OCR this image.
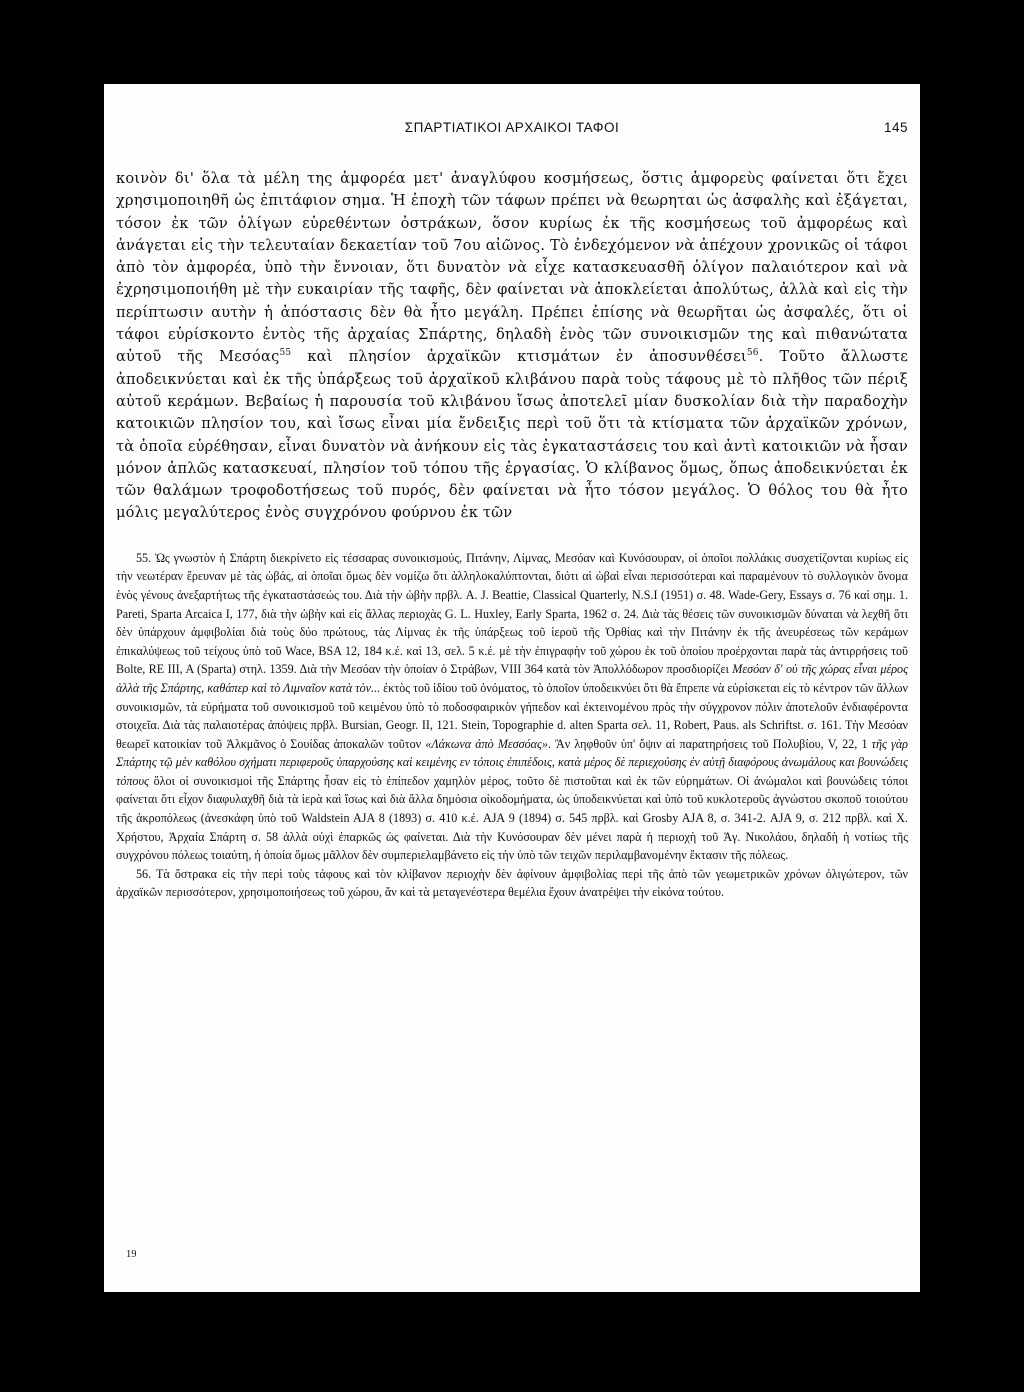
ΣΠΑΡΤΙΑΤΙΚΟΙ ΑΡΧΑΙΚΟΙ ΤΑΦΟΙ	145

κοινὸν δι' ὅλα τὰ μέλη της ἀμφορέα μετ' ἀναγλύφου κοσμήσεως, ὅστις ἀμφορεὺς φαίνεται ὅτι ἔχει χρησιμοποιηθῆ ὡς ἐπιτάφιον σημα. Ἡ ἐποχὴ τῶν τάφων πρέπει νὰ θεωρηται ὡς ἀσφαλὴς καὶ ἐξάγεται, τόσον ἐκ τῶν ὀλίγων εὑρεθέντων ὀστράκων, ὅσον κυρίως ἐκ τῆς κοσμήσεως τοῦ ἀμφορέως καὶ ἀνάγεται εἰς τὴν τελευταίαν δεκαετίαν τοῦ 7ου αἰῶνος. Τὸ ἐνδεχόμενον νὰ ἀπέχουν χρονικῶς οἱ τάφοι ἀπὸ τὸν ἀμφορέα, ὑπὸ τὴν ἔννοιαν, ὅτι δυνατὸν νὰ εἶχε κατασκευασθῆ ὀλίγον παλαιότερον καὶ νὰ ἐχρησιμοποιήθη μὲ τὴν ευκαιρίαν τῆς ταφῆς, δὲν φαίνεται νὰ ἀποκλείεται ἀπολύτως, ἀλλὰ καὶ εἰς τὴν περίπτωσιν αυτὴν ἡ ἀπόστασις δὲν θὰ ἦτο μεγάλη. Πρέπει ἐπίσης νὰ θεωρῆται ὡς ἀσφαλές, ὅτι οἱ τάφοι εὑρίσκοντο ἐντὸς τῆς ἀρχαίας Σπάρτης, δηλαδὴ ἑνὸς τῶν συνοικισμῶν της καὶ πιθανώτατα αὐτοῦ τῆς Μεσόας$^{55}$ καὶ πλησίον ἀρχαϊκῶν κτισμάτων ἐν ἀποσυνθέσει$^{56}$. Τοῦτο ἄλλωστε ἀποδεικνύεται καὶ ἐκ τῆς ὑπάρξεως τοῦ ἀρχαϊκοῦ κλιβάνου παρὰ τοὺς τάφους μὲ τὸ πλῆθος τῶν πέριξ αὐτοῦ κεράμων. Βεβαίως ἡ παρουσία τοῦ κλιβάνου ἴσως ἀποτελεῖ μίαν δυσκολίαν διὰ τὴν παραδοχὴν κατοικιῶν πλησίον του, καὶ ἴσως εἶναι μία ἔνδειξις περὶ τοῦ ὅτι τὰ κτίσματα τῶν ἀρχαϊκῶν χρόνων, τὰ ὁποῖα εὑρέθησαν, εἶναι δυνατὸν νὰ ἀνήκουν εἰς τὰς ἐγκαταστάσεις του καὶ ἀντὶ κατοικιῶν νὰ ἦσαν μόνον ἁπλῶς κατασκευαί, πλησίον τοῦ τόπου τῆς ἐργασίας. Ὁ κλίβανος ὅμως, ὅπως ἀποδεικνύεται ἐκ τῶν θαλάμων τροφοδοτήσεως τοῦ πυρός, δὲν φαίνεται νὰ ἦτο τόσον μεγάλος. Ὁ θόλος του θὰ ἦτο μόλις μεγαλύτερος ἑνὸς συγχρόνου φούρνου ἐκ τῶν

55. Ὡς γνωστὸν ἡ Σπάρτη διεκρίνετο εἰς τέσσαρας συνοικισμούς, Πιτάνην, Λίμνας, Μεσόαν καὶ Κυνόσουραν, οἱ ὁποῖοι πολλάκις συσχετίζονται κυρίως εἰς τὴν νεωτέραν ἔρευναν μὲ τὰς ὠβάς, αἱ ὁποῖαι ὅμως δὲν νομίζω ὅτι ἀλληλοκαλύπτονται, διότι αἱ ὠβαὶ εἶναι περισσότεραι καὶ παραμένουν τὸ συλλογικὸν ὄνομα ἑνὸς γένους ἀνεξαρτήτως τῆς ἐγκαταστάσεώς του. Διὰ τὴν ὠβὴν πρβλ. A. J. Beattie, Classical Quarterly, N.S.I (1951) σ. 48. Wade-Gery, Essays σ. 76 καὶ σημ. 1. Pareti, Sparta Arcaica I, 177, διὰ τὴν ὠβὴν καὶ εἰς ἄλλας περιοχὰς G. L. Huxley, Early Sparta, 1962 σ. 24. Διὰ τὰς θέσεις τῶν συνοικισμῶν δύναται νὰ λεχθῆ ὅτι δὲν ὑπάρχουν ἀμφιβολίαι διὰ τοὺς δύο πρώτους, τὰς Λίμνας ἐκ τῆς ὑπάρξεως τοῦ ἱεροῦ τῆς Ὀρθίας καὶ τὴν Πιτάνην ἐκ τῆς ἀνευρέσεως τῶν κεράμων ἐπικαλύψεως τοῦ τείχους ὑπὸ τοῦ Wace, BSA 12, 184 κ.έ. καὶ 13, σελ. 5 κ.έ. μὲ τὴν ἐπιγραφὴν τοῦ χώρου ἐκ τοῦ ὁποίου προέρχονται παρὰ τὰς ἀντιρρήσεις τοῦ Bolte, RE III, A (Sparta) στηλ. 1359. Διὰ τὴν Μεσόαν τὴν ὁποίαν ὁ Στράβων, VIII 364 κατὰ τὸν Ἀπολλόδωρον προσδιορίζει Μεσόαν δ' οὐ τῆς χώρας εἶναι μέρος ἀλλὰ τῆς Σπάρτης, καθάπερ καὶ τὸ Λιμναῖον κατὰ τὸν... ἐκτὸς τοῦ ἰδίου τοῦ ὀνόματος, τὸ ὁποῖον ὑποδεικνύει ὅτι θὰ ἔπρεπε νὰ εὑρίσκεται εἰς τὸ κέντρον τῶν ἄλλων συνοικισμῶν, τὰ εὑρήματα τοῦ συνοικισμοῦ τοῦ κειμένου ὑπὸ τὸ ποδοσφαιρικὸν γήπεδον καὶ ἐκτεινομένου πρὸς τὴν σύγχρονον πόλιν ἀποτελοῦν ἐνδιαφέροντα στοιχεῖα. Διὰ τὰς παλαιοτέρας ἀπόψεις πρβλ. Bursian, Geogr. II, 121. Stein, Topographie d. alten Sparta σελ. 11, Robert, Paus. als Schriftst. σ. 161. Τὴν Μεσόαν θεωρεῖ κατοικίαν τοῦ Ἀλκμᾶνος ὁ Σουίδας ἀποκαλῶν τοῦτον «Λάκωνα ἀπὸ Μεσσόας». Ἂν ληφθοῦν ὑπ' ὄψιν αἱ παρατηρήσεις τοῦ Πολυβίου, V, 22, 1 τῆς γὰρ Σπάρτης τῷ μὲν καθόλου σχήματι περιφεροῦς ὑπαρχούσης καὶ κειμένης εν τόποις ἐπιπέδοις, κατὰ μέρος δὲ περιεχούσης ἐν αὐτῇ διαφόρους ἀνωμάλους και βουνώδεις τόπους ὅλοι οἱ συνοικισμοὶ τῆς Σπάρτης ἦσαν εἰς τὸ ἐπίπεδον χαμηλὸν μέρος, τοῦτο δὲ πιστοῦται καὶ ἐκ τῶν εὑρημάτων. Οἱ ἀνώμαλοι καὶ βουνώδεις τόποι φαίνεται ὅτι εἶχον διαφυλαχθῆ διὰ τὰ ἱερὰ καὶ ἴσως καὶ διὰ ἄλλα δημόσια οἰκοδομήματα, ὡς ὑποδεικνύεται καὶ ὑπὸ τοῦ κυκλοτεροῦς ἀγνώστου σκοποῦ τοιούτου τῆς ἀκροπόλεως (ἀνεσκάφη ὑπὸ τοῦ Waldstein AJA 8 (1893) σ. 410 κ.έ. AJA 9 (1894) σ. 545 πρβλ. καὶ Grosby AJA 8, σ. 341-2. AJA 9, σ. 212 πρβλ. καὶ Χ. Χρήστου, Ἀρχαία Σπάρτη σ. 58 ἀλλὰ οὐχὶ ἐπαρκῶς ὡς φαίνεται. Διὰ τὴν Κυνόσουραν δὲν μένει παρὰ ἡ περιοχὴ τοῦ Ἁγ. Νικολάου, δηλαδὴ ἡ νοτίως τῆς συγχρόνου πόλεως τοιαύτη, ἡ ὁποία ὅμως μᾶλλον δὲν συμπεριελαμβάνετο εἰς τὴν ὑπὸ τῶν τειχῶν περιλαμβανομένην ἔκτασιν τῆς πόλεως.

56. Τὰ ὄστρακα εἰς τὴν περὶ τοὺς τάφους καὶ τὸν κλίβανον περιοχὴν δὲν ἀφίνουν ἀμφιβολίας περὶ τῆς ἀπὸ τῶν γεωμετρικῶν χρόνων ὀλιγώτερον, τῶν ἀρχαϊκῶν περισσότερον, χρησιμοποιήσεως τοῦ χώρου, ἄν καὶ τὰ μεταγενέστερα θεμέλια ἔχουν ἀνατρέψει τὴν εἰκόνα τούτου.

19
